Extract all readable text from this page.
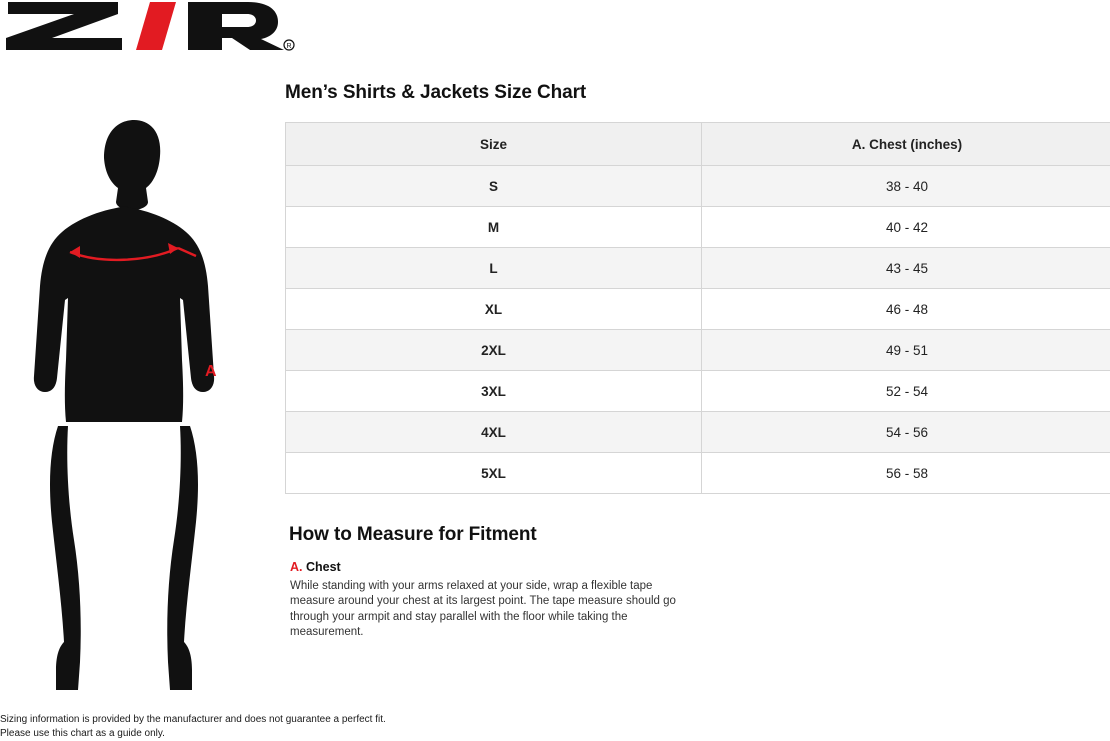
R
A
Men’s Shirts & Jackets Size Chart
Size	A. Chest (inches)
S	38 - 40
M	40 - 42
L	43 - 45
XL	46 - 48
2XL	49 - 51
3XL	52 - 54
4XL	54 - 56
5XL	56 - 58
How to Measure for Fitment
A. Chest
While standing with your arms relaxed at your side, wrap a flexible tape measure around your chest at its largest point. The tape measure should go through your armpit and stay parallel with the floor while taking the measurement.
Sizing information is provided by the manufacturer and does not guarantee a perfect fit.
Please use this chart as a guide only.
